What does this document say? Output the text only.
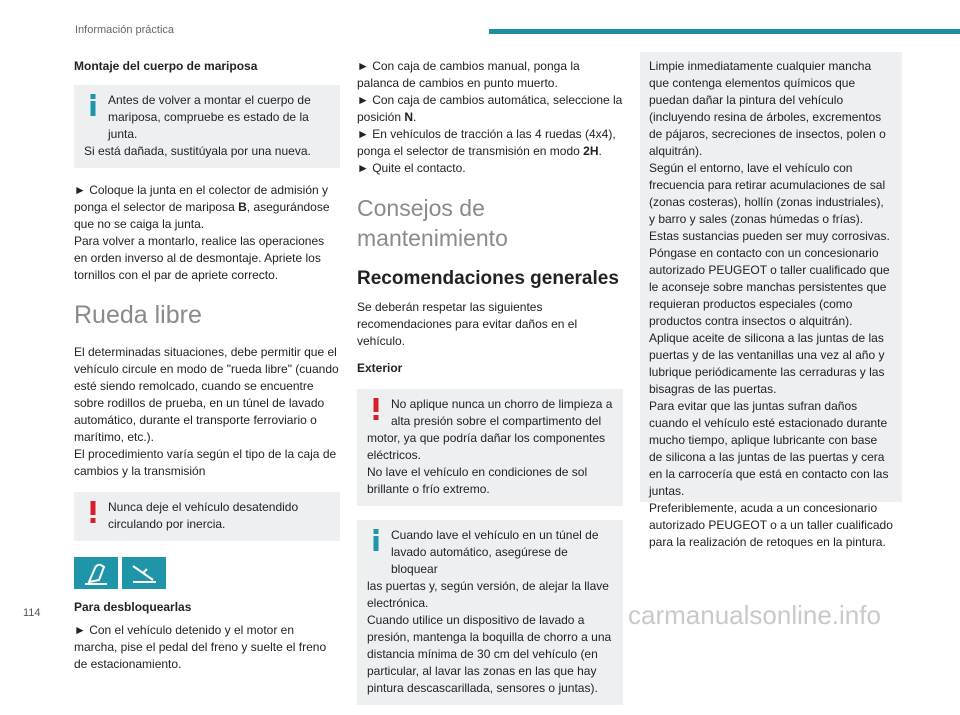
Información práctica
Montaje del cuerpo de mariposa

Antes de volver a montar el cuerpo de

mariposa, compruebe es estado de la junta.

Si está dañada, sustitúyala por una nueva.

► Coloque la junta en el colector de admisión y ponga el selector de mariposa B, asegurándose que no se caiga la junta.

Para volver a montarlo, realice las operaciones en orden inverso al de desmontaje. Apriete los tornillos con el par de apriete correcto.

Rueda libre

El determinadas situaciones, debe permitir que el vehículo circule en modo de "rueda libre" (cuando esté siendo remolcado, cuando se encuentre sobre rodillos de prueba, en un túnel de lavado automático, durante el transporte ferroviario o marítimo, etc.).

El procedimiento varía según el tipo de la caja de cambios y la transmisión

Nunca deje el vehículo desatendido

circulando por inercia.

Para desbloquearlas

► Con el vehículo detenido y el motor en marcha, pise el pedal del freno y suelte el freno de estacionamiento.

► Con caja de cambios manual, ponga la palanca de cambios en punto muerto.

► Con caja de cambios automática, seleccione la posición N.

► En vehículos de tracción a las 4 ruedas (4x4), ponga el selector de transmisión en modo 2H.

► Quite el contacto.

Consejos de mantenimiento
Recomendaciones generales

Se deberán respetar las siguientes recomendaciones para evitar daños en el vehículo.

Exterior

No aplique nunca un chorro de limpieza a

alta presión sobre el compartimento del

motor, ya que podría dañar los componentes eléctricos.

No lave el vehículo en condiciones de sol brillante o frío extremo.

Cuando lave el vehículo en un túnel de

lavado automático, asegúrese de bloquear

las puertas y, según versión, de alejar la llave electrónica.

Cuando utilice un dispositivo de lavado a presión, mantenga la boquilla de chorro a una distancia mínima de 30 cm del vehículo (en particular, al lavar las zonas en las que hay pintura descascarillada, sensores o juntas).

Limpie inmediatamente cualquier mancha que contenga elementos químicos que puedan dañar la pintura del vehículo (incluyendo resina de árboles, excrementos de pájaros, secreciones de insectos, polen o alquitrán).

Según el entorno, lave el vehículo con frecuencia para retirar acumulaciones de sal (zonas costeras), hollín (zonas industriales), y barro y sales (zonas húmedas o frías). Estas sustancias pueden ser muy corrosivas.

Póngase en contacto con un concesionario autorizado PEUGEOT o taller cualificado que le aconseje sobre manchas persistentes que requieran productos especiales (como productos contra insectos o alquitrán).

Aplique aceite de silicona a las juntas de las puertas y de las ventanillas una vez al año y lubrique periódicamente las cerraduras y las bisagras de las puertas.

Para evitar que las juntas sufran daños cuando el vehículo esté estacionado durante mucho tiempo, aplique lubricante con base de silicona a las juntas de las puertas y cera en la carrocería que está en contacto con las juntas.

Preferiblemente, acuda a un concesionario autorizado PEUGEOT o a un taller cualificado para la realización de retoques en la pintura.

114	carmanualsonline.info
